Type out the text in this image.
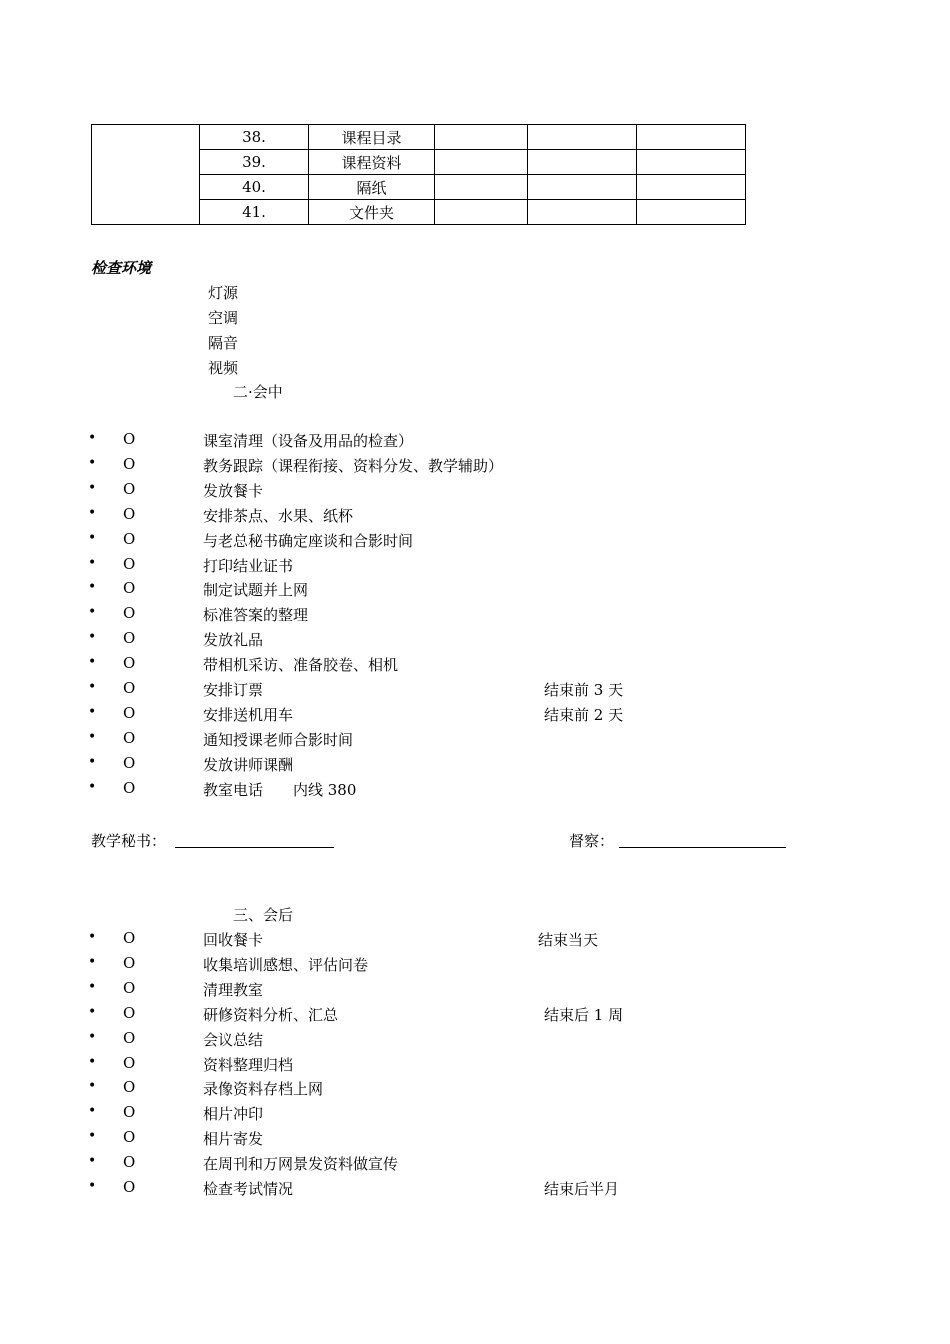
	38.	课程目录			
	39.	课程资料			
	40.	隔纸			
	41.	文件夹			
检查环境
灯源
空调
隔音
视频
二·会中
• O	课室清理（设备及用品的检查）
• O	教务跟踪（课程衔接、资料分发、教学辅助）
• O	发放餐卡
• O	安排茶点、水果、纸杯
• O	与老总秘书确定座谈和合影时间
• O	打印结业证书
• O	制定试题并上网
• O	标准答案的整理
• O	发放礼品
• O	带相机采访、准备胶卷、相机
• O	安排订票	结束前 3 天
• O	安排送机用车	结束前 2 天
• O	通知授课老师合影时间
• O	发放讲师课酬
• O	教室电话　　内线 380
教学秘书：	督察：
三、会后
• O	回收餐卡	结束当天
• O	收集培训感想、评估问卷
• O	清理教室
• O	研修资料分析、汇总	结束后 1 周
• O	会议总结
• O	资料整理归档
• O	录像资料存档上网
• O	相片冲印
• O	相片寄发
• O	在周刊和万网景发资料做宣传
• O	检查考试情况	结束后半月
